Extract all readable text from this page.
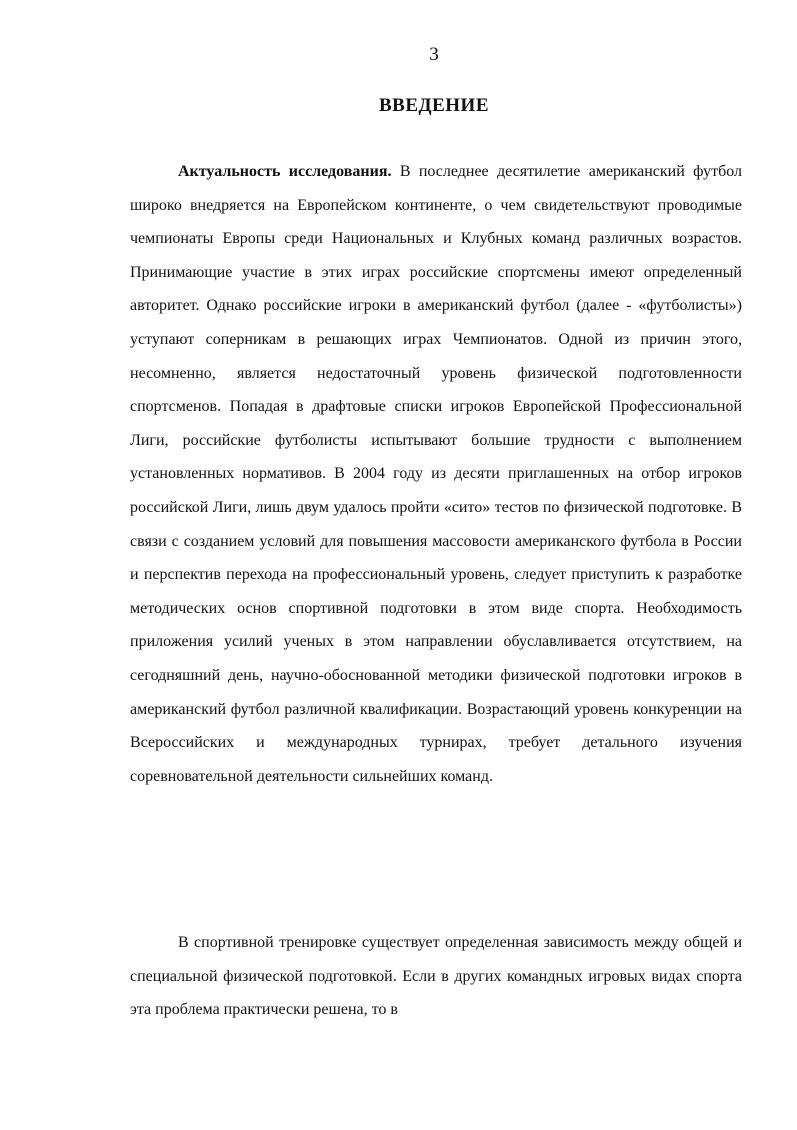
3
ВВЕДЕНИЕ

Актуальность исследования. В последнее десятилетие американский футбол широко внедряется на Европейском континенте, о чем свидетельствуют проводимые чемпионаты Европы среди Национальных и Клубных команд различных возрастов. Принимающие участие в этих играх российские спортсмены имеют определенный авторитет. Однако российские игроки в американский футбол (далее - «футболисты») уступают соперникам в решающих играх Чемпионатов. Одной из причин этого, несомненно, является недостаточный уровень физической подготовленности спортсменов. Попадая в драфтовые списки игроков Европейской Профессиональной Лиги, российские футболисты испытывают большие трудности с выполнением установленных нормативов. В 2004 году из десяти приглашенных на отбор игроков российской Лиги, лишь двум удалось пройти «сито» тестов по физической подготовке. В связи с созданием условий для повышения массовости американского футбола в России и перспектив перехода на профессиональный уровень, следует приступить к разработке методических основ спортивной подготовки в этом виде спорта. Необходимость приложения усилий ученых в этом направлении обуславливается отсутствием, на сегодняшний день, научно-обоснованной методики физической подготовки игроков в американский футбол различной квалификации. Возрастающий уровень конкуренции на Всероссийских и международных турнирах, требует детального изучения соревновательной деятельности сильнейших команд.

В спортивной тренировке существует определенная зависимость между общей и специальной физической подготовкой. Если в других командных игровых видах спорта эта проблема практически решена, то в
